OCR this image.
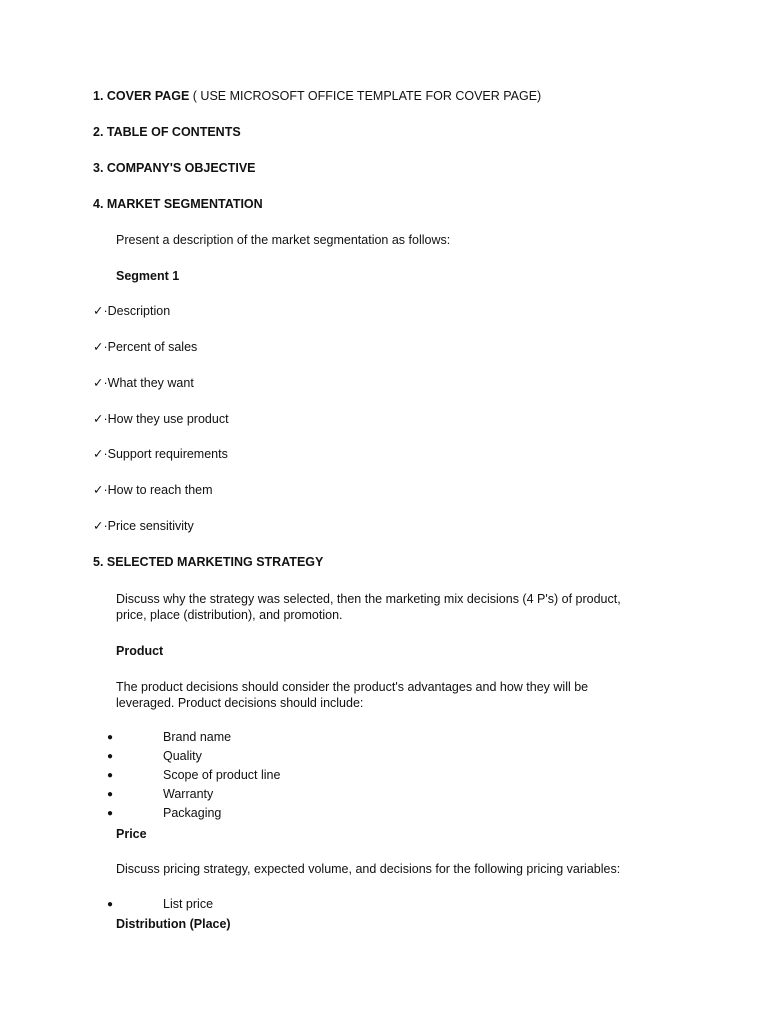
1. COVER PAGE ( USE MICROSOFT OFFICE TEMPLATE FOR COVER PAGE)
2. TABLE OF CONTENTS
3. COMPANY'S OBJECTIVE
4. MARKET SEGMENTATION
Present a description of the market segmentation as follows:
Segment 1
✓·Description
✓·Percent of sales
✓·What they want
✓·How they use product
✓·Support requirements
✓·How to reach them
✓·Price sensitivity
5. SELECTED MARKETING STRATEGY
Discuss why the strategy was selected, then the marketing mix decisions (4 P's) of product, price, place (distribution), and promotion.
Product
The product decisions should consider the product's advantages and how they will be leveraged. Product decisions should include:
●	Brand name
●	Quality
●	Scope of product line
●	Warranty
●	Packaging
Price
Discuss pricing strategy, expected volume, and decisions for the following pricing variables:
●	List price
Distribution (Place)
